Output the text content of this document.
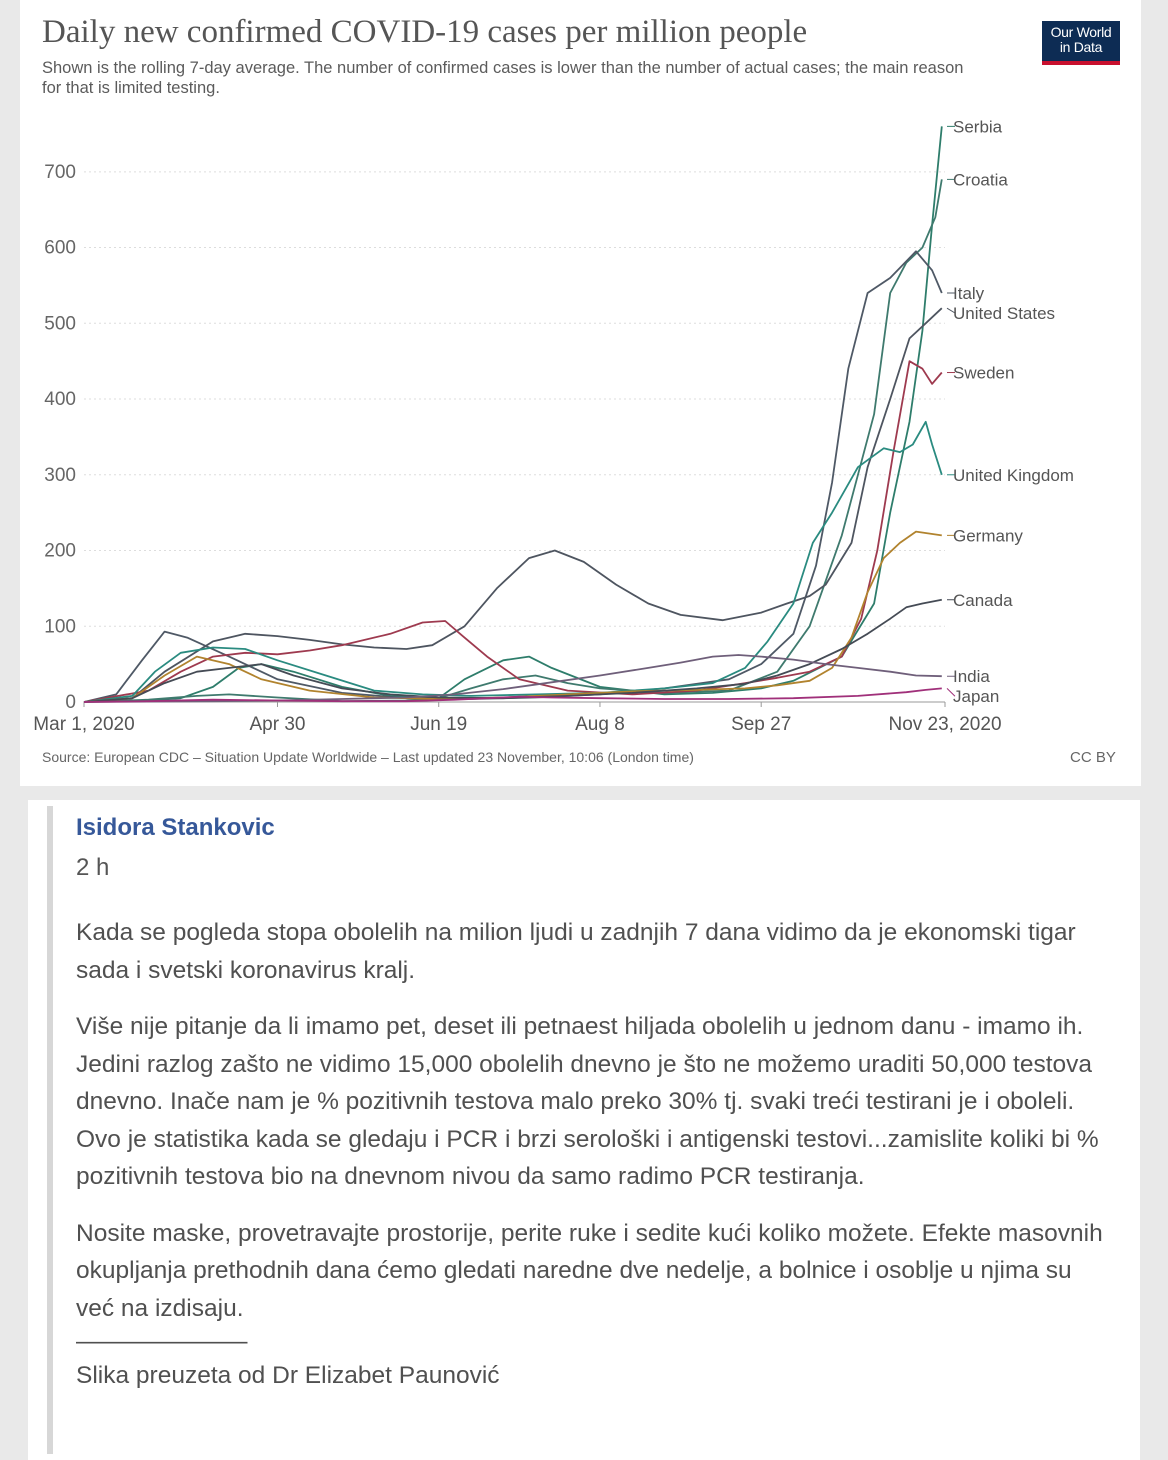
Daily new confirmed COVID-19 cases per million people
Shown is the rolling 7-day average. The number of confirmed cases is lower than the number of actual cases; the main reason for that is limited testing.
Our World
in Data
0
100
200
300
400
500
600
700
Mar 1, 2020	Apr 30	Jun 19	Aug 8	Sep 27	Nov 23, 2020
Serbia
Croatia
Italy
United States
Sweden
United Kingdom
Germany
Canada
India
Japan
Source: European CDC – Situation Update Worldwide – Last updated 23 November, 10:06 (London time)	CC BY
Isidora Stankovic
2 h

Kada se pogleda stopa obolelih na milion ljudi u zadnjih 7 dana vidimo da je ekonomski tigar sada i svetski koronavirus kralj.

Više nije pitanje da li imamo pet, deset ili petnaest hiljada obolelih u jednom danu - imamo ih. Jedini razlog zašto ne vidimo 15,000 obolelih dnevno je što ne možemo uraditi 50,000 testova dnevno. Inače nam je % pozitivnih testova malo preko 30% tj. svaki treći testirani je i oboleli. Ovo je statistika kada se gledaju i PCR i brzi serološki i antigenski testovi...zamislite koliki bi % pozitivnih testova bio na dnevnom nivou da samo radimo PCR testiranja.

Nosite maske, provetravajte prostorije, perite ruke i sedite kući koliko možete. Efekte masovnih okupljanja prethodnih dana ćemo gledati naredne dve nedelje, a bolnice i osoblje u njima su već na izdisaju.

———————
Slika preuzeta od Dr Elizabet Paunović
